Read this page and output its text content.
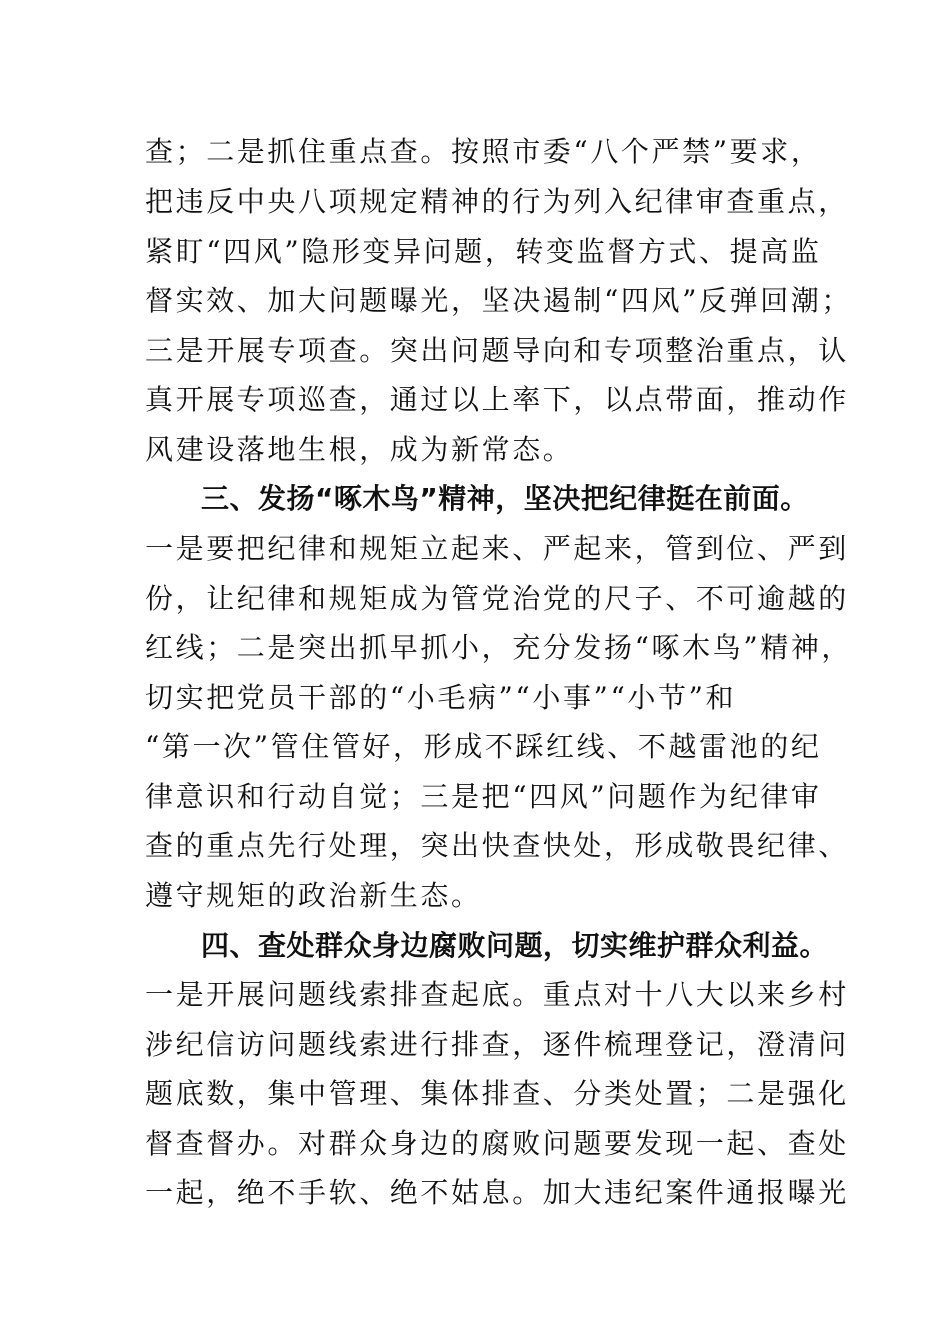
查；二是抓住重点查。按照市委“八个严禁”要求，
把违反中央八项规定精神的行为列入纪律审查重点，
紧盯“四风”隐形变异问题，转变监督方式、提高监
督实效、加大问题曝光，坚决遏制“四风”反弹回潮；
三是开展专项查。突出问题导向和专项整治重点，认
真开展专项巡查，通过以上率下，以点带面，推动作
风建设落地生根，成为新常态。
三、发扬“啄木鸟”精神，坚决把纪律挺在前面。
一是要把纪律和规矩立起来、严起来，管到位、严到
份，让纪律和规矩成为管党治党的尺子、不可逾越的
红线；二是突出抓早抓小，充分发扬“啄木鸟”精神，
切实把党员干部的“小毛病”“小事”“小节”和
“第一次”管住管好，形成不踩红线、不越雷池的纪
律意识和行动自觉；三是把“四风”问题作为纪律审
查的重点先行处理，突出快查快处，形成敬畏纪律、
遵守规矩的政治新生态。
四、查处群众身边腐败问题，切实维护群众利益。
一是开展问题线索排查起底。重点对十八大以来乡村
涉纪信访问题线索进行排查，逐件梳理登记，澄清问
题底数，集中管理、集体排查、分类处置；二是强化
督查督办。对群众身边的腐败问题要发现一起、查处
一起，绝不手软、绝不姑息。加大违纪案件通报曝光
